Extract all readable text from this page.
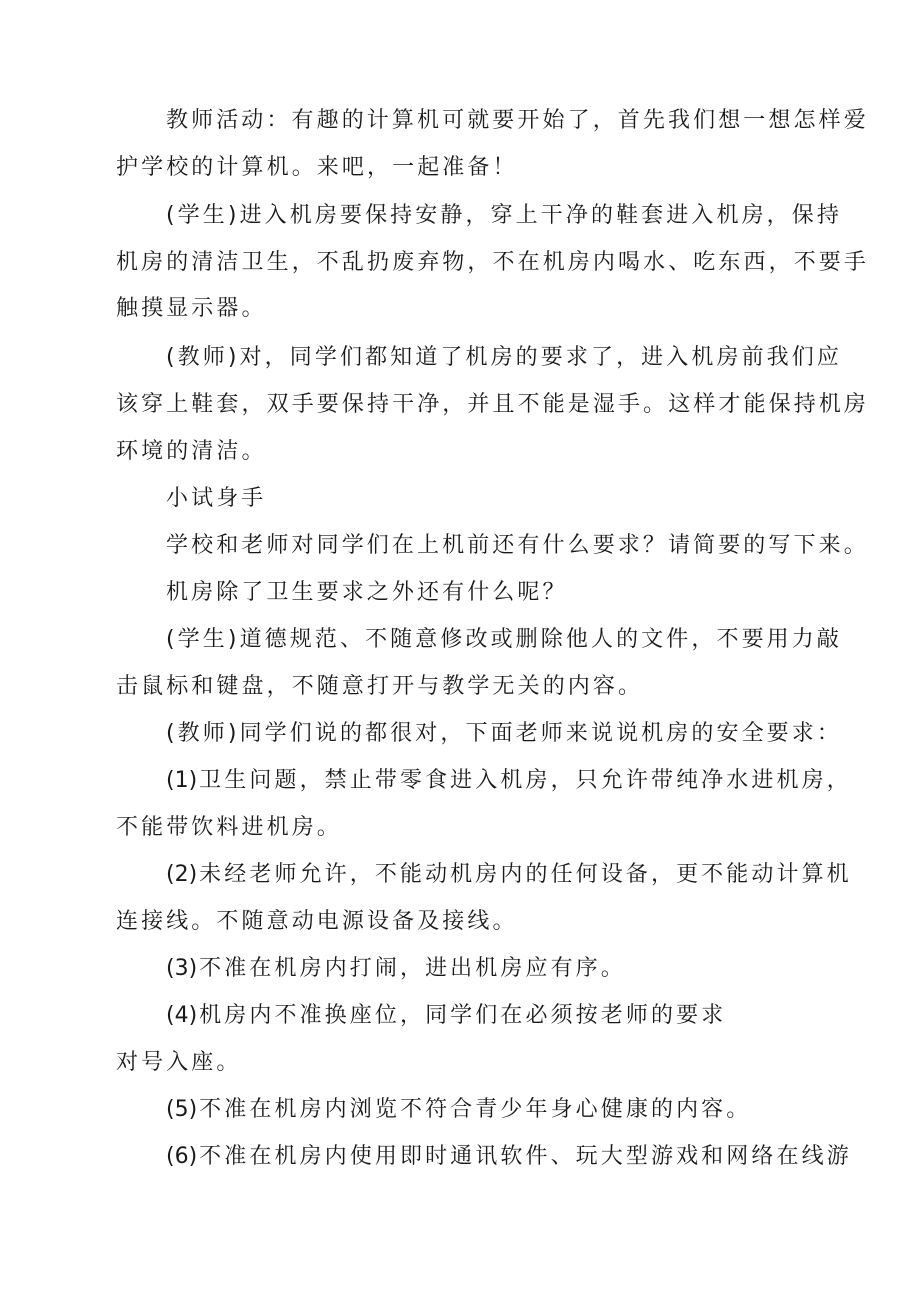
教师活动：有趣的计算机可就要开始了，首先我们想一想怎样爱

护学校的计算机。来吧，一起准备！

(学生)进入机房要保持安静，穿上干净的鞋套进入机房，保持

机房的清洁卫生，不乱扔废弃物，不在机房内喝水、吃东西，不要手

触摸显示器。

(教师)对，同学们都知道了机房的要求了，进入机房前我们应

该穿上鞋套，双手要保持干净，并且不能是湿手。这样才能保持机房

环境的清洁。

小试身手

学校和老师对同学们在上机前还有什么要求？请简要的写下来。

机房除了卫生要求之外还有什么呢？

(学生)道德规范、不随意修改或删除他人的文件，不要用力敲

击鼠标和键盘，不随意打开与教学无关的内容。

(教师)同学们说的都很对，下面老师来说说机房的安全要求：

(1)卫生问题，禁止带零食进入机房，只允许带纯净水进机房，

不能带饮料进机房。

(2)未经老师允许，不能动机房内的任何设备，更不能动计算机

连接线。不随意动电源设备及接线。

(3)不准在机房内打闹，进出机房应有序。

(4)机房内不准换座位，同学们在必须按老师的要求

对号入座。

(5)不准在机房内浏览不符合青少年身心健康的内容。

(6)不准在机房内使用即时通讯软件、玩大型游戏和网络在线游
